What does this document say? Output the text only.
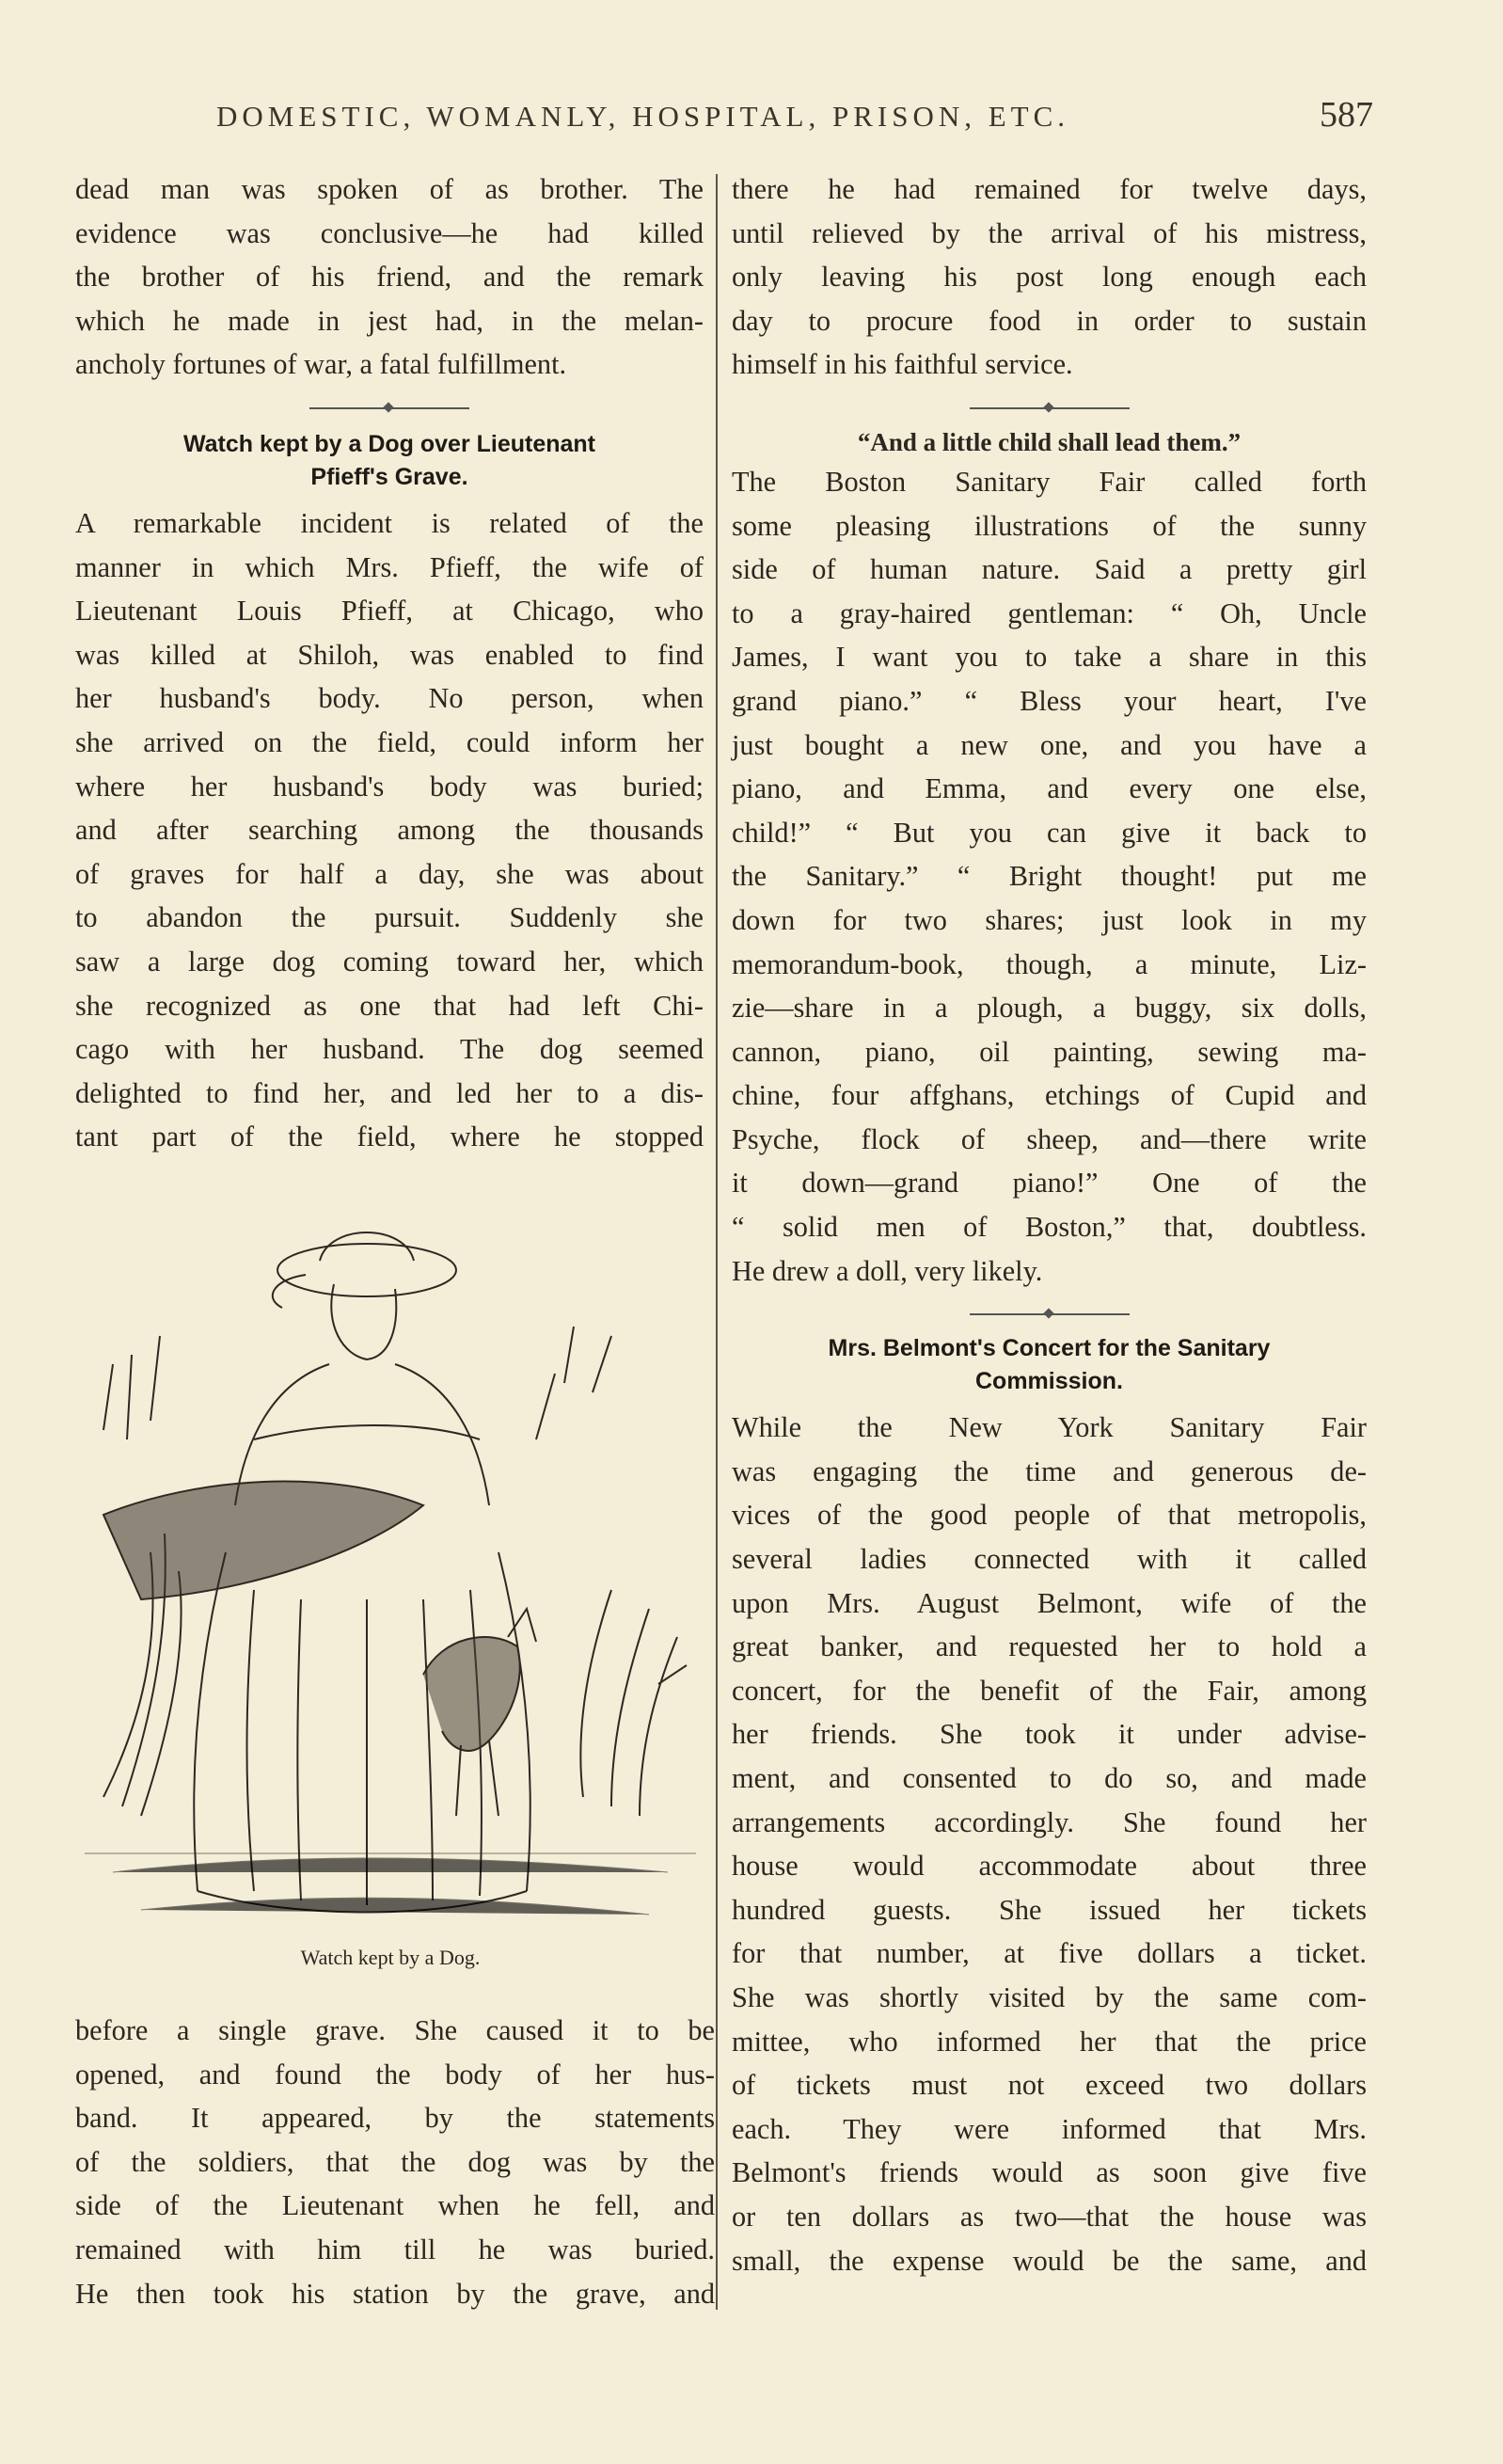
DOMESTIC, WOMANLY, HOSPITAL, PRISON, ETC.	587

dead man was spoken of as brother. The

evidence was conclusive—he had killed

the brother of his friend, and the remark

which he made in jest had, in the melan-

ancholy fortunes of war, a fatal fulfillment.

Watch kept by a Dog over Lieutenant
Pfieff's Grave.

A remarkable incident is related of the

manner in which Mrs. Pfieff, the wife of

Lieutenant Louis Pfieff, at Chicago, who

was killed at Shiloh, was enabled to find

her husband's body. No person, when

she arrived on the field, could inform her

where her husband's body was buried;

and after searching among the thousands

of graves for half a day, she was about

to abandon the pursuit. Suddenly she

saw a large dog coming toward her, which

she recognized as one that had left Chi-

cago with her husband. The dog seemed

delighted to find her, and led her to a dis-

tant part of the field, where he stopped

Watch kept by a Dog.

before a single grave. She caused it to be

opened, and found the body of her hus-

band. It appeared, by the statements

of the soldiers, that the dog was by the

side of the Lieutenant when he fell, and

remained with him till he was buried.

He then took his station by the grave, and

there he had remained for twelve days,

until relieved by the arrival of his mistress,

only leaving his post long enough each

day to procure food in order to sustain

himself in his faithful service.

“And a little child shall lead them.”

The Boston Sanitary Fair called forth

some pleasing illustrations of the sunny

side of human nature. Said a pretty girl

to a gray-haired gentleman: “ Oh, Uncle

James, I want you to take a share in this

grand piano.” “ Bless your heart, I've

just bought a new one, and you have a

piano, and Emma, and every one else,

child!” “ But you can give it back to

the Sanitary.” “ Bright thought! put me

down for two shares; just look in my

memorandum-book, though, a minute, Liz-

zie—share in a plough, a buggy, six dolls,

cannon, piano, oil painting, sewing ma-

chine, four affghans, etchings of Cupid and

Psyche, flock of sheep, and—there write

it down—grand piano!” One of the

“ solid men of Boston,” that, doubtless.

He drew a doll, very likely.

Mrs. Belmont's Concert for the Sanitary
Commission.

While the New York Sanitary Fair

was engaging the time and generous de-

vices of the good people of that metropolis,

several ladies connected with it called

upon Mrs. August Belmont, wife of the

great banker, and requested her to hold a

concert, for the benefit of the Fair, among

her friends. She took it under advise-

ment, and consented to do so, and made

arrangements accordingly. She found her

house would accommodate about three

hundred guests. She issued her tickets

for that number, at five dollars a ticket.

She was shortly visited by the same com-

mittee, who informed her that the price

of tickets must not exceed two dollars

each. They were informed that Mrs.

Belmont's friends would as soon give five

or ten dollars as two—that the house was

small, the expense would be the same, and
